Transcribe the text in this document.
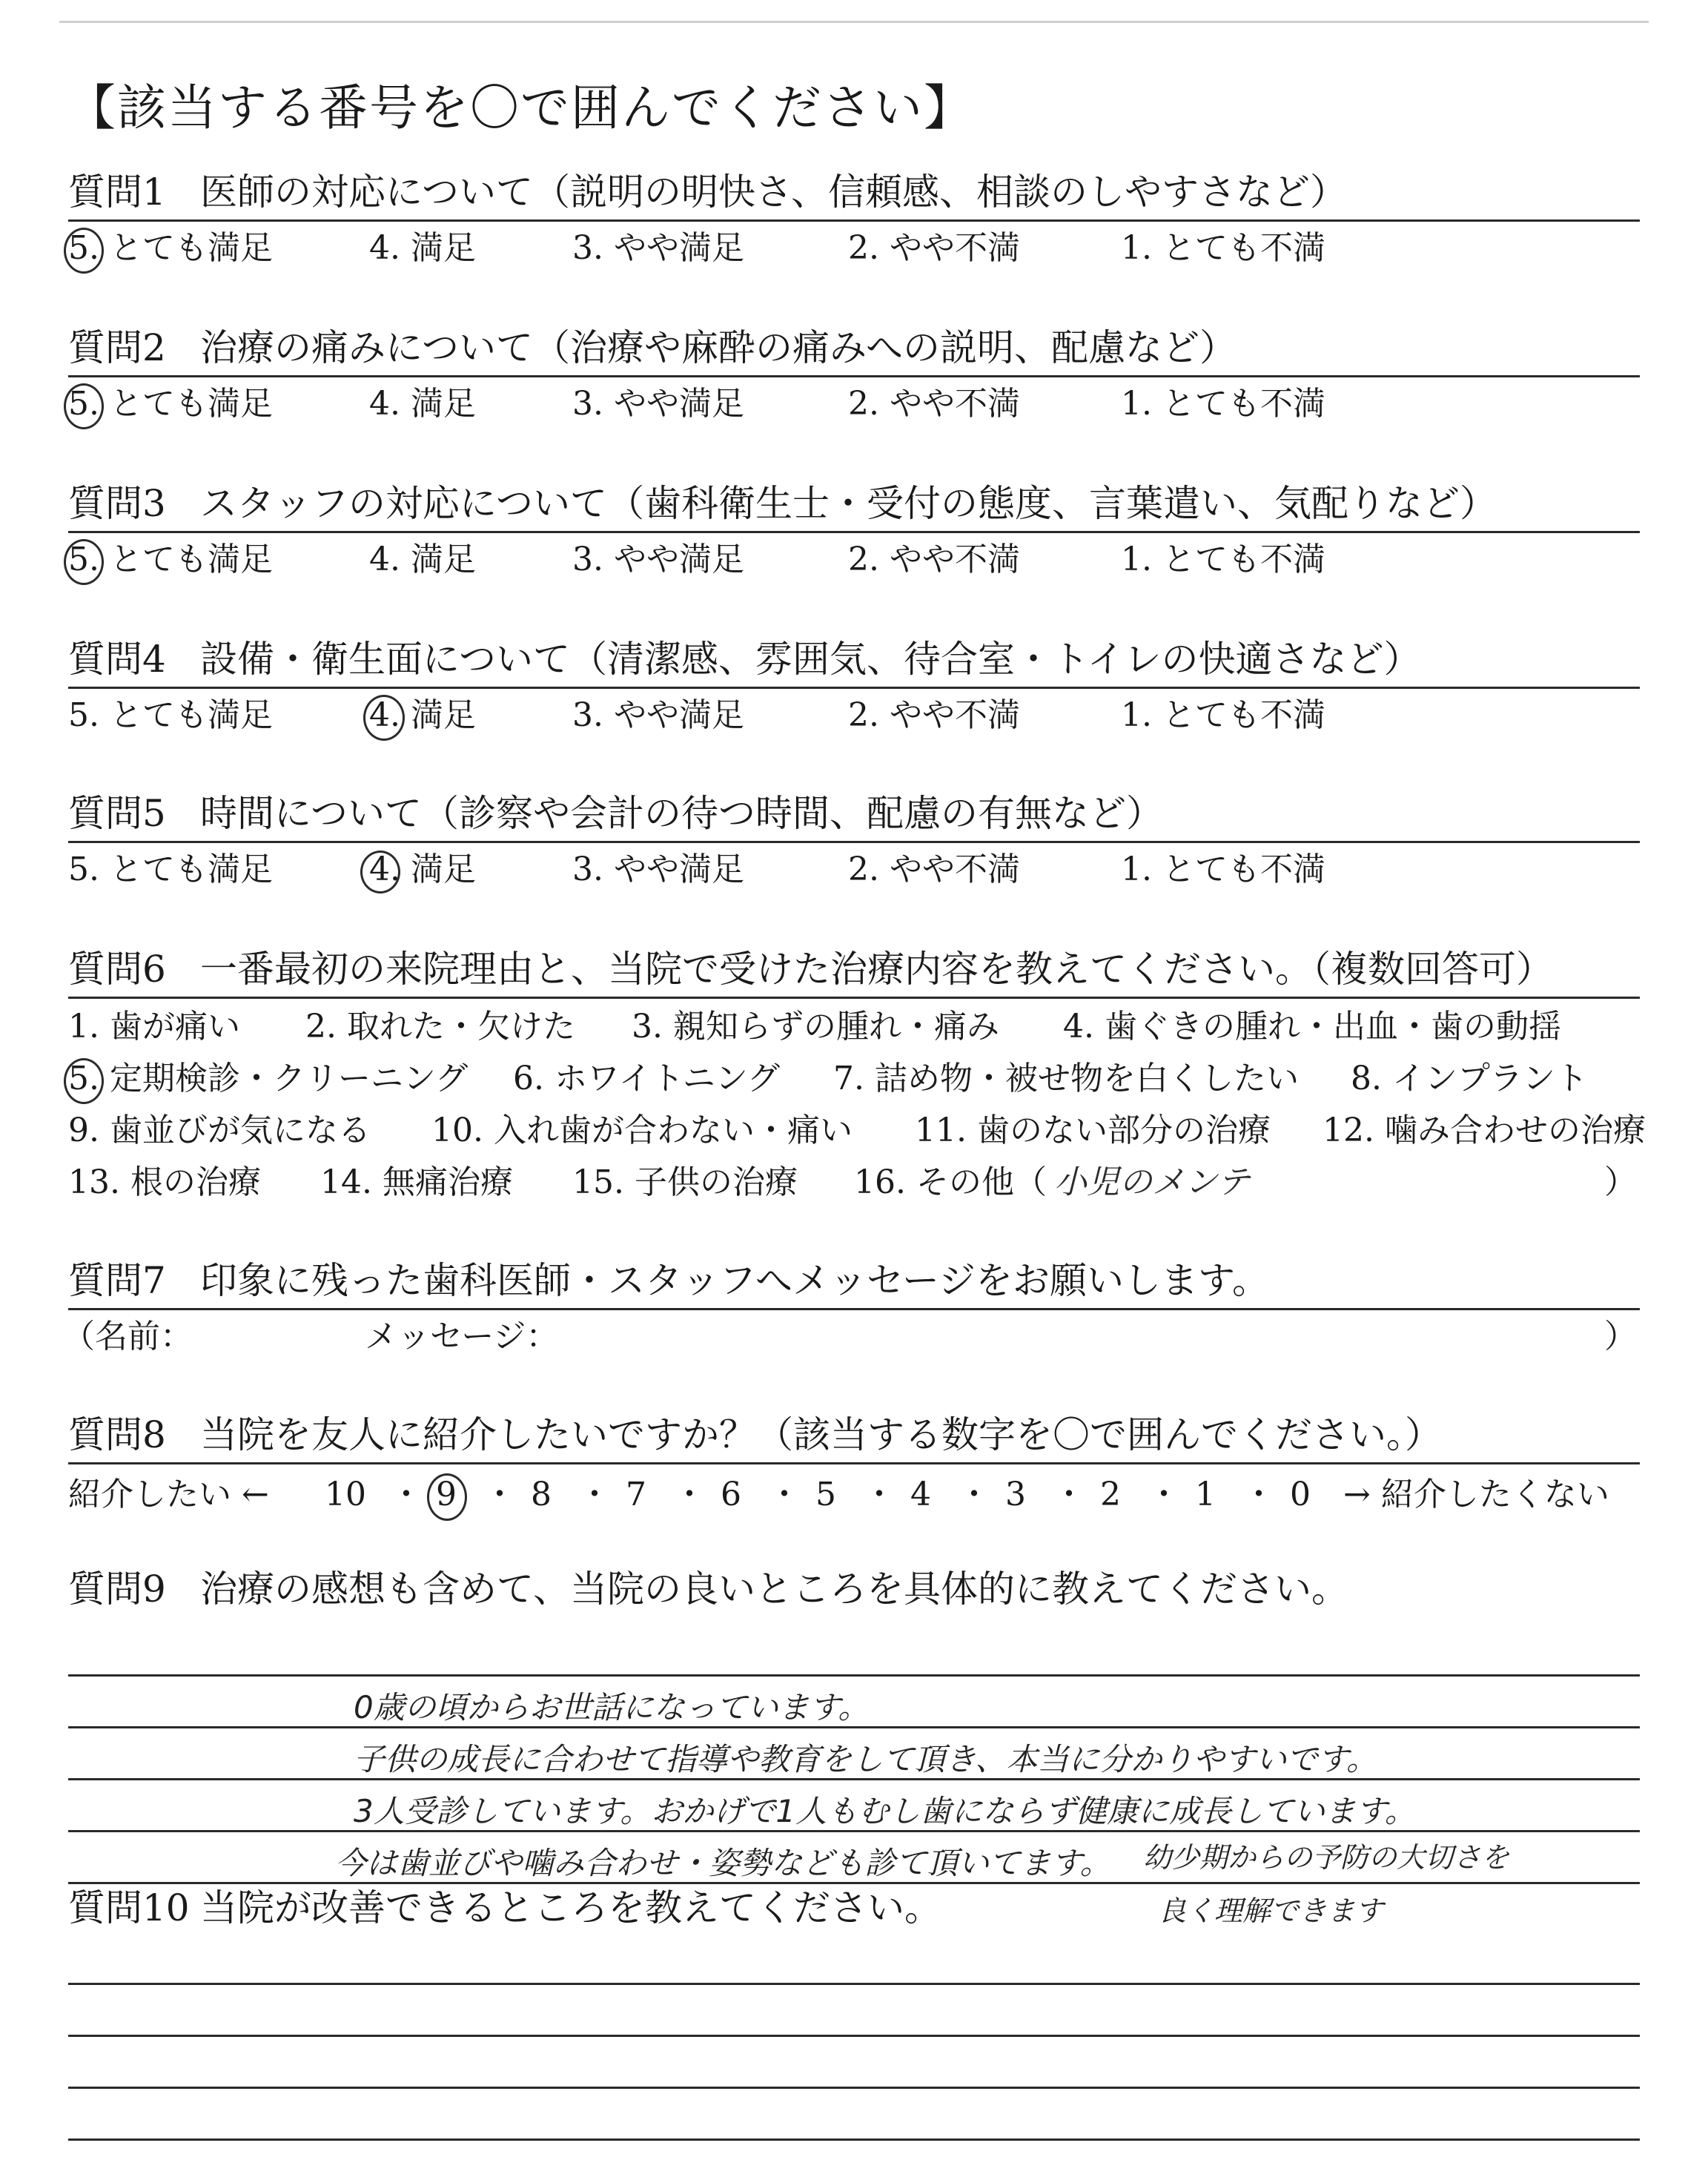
【該当する番号を〇で囲んでください】
質問1 医師の対応について（説明の明快さ、信頼感、相談のしやすさなど）
5. とても満足	4. 満足	3. やや満足	2. やや不満	1. とても不満
質問2 治療の痛みについて（治療や麻酔の痛みへの説明、配慮など）
5. とても満足	4. 満足	3. やや満足	2. やや不満	1. とても不満
質問3 スタッフの対応について（歯科衛生士・受付の態度、言葉遣い、気配りなど）
5. とても満足	4. 満足	3. やや満足	2. やや不満	1. とても不満
質問4 設備・衛生面について（清潔感、雰囲気、待合室・トイレの快適さなど）
5. とても満足	4. 満足	3. やや満足	2. やや不満	1. とても不満
質問5 時間について（診察や会計の待つ時間、配慮の有無など）
5. とても満足	4. 満足	3. やや満足	2. やや不満	1. とても不満
質問6 一番最初の来院理由と、当院で受けた治療内容を教えてください。（複数回答可）
1. 歯が痛い 2. 取れた・欠けた 3. 親知らずの腫れ・痛み 4. 歯ぐきの腫れ・出血・歯の動揺
5. 定期検診・クリーニング 6. ホワイトニング 7. 詰め物・被せ物を白くしたい 8. インプラント
9. 歯並びが気になる 10. 入れ歯が合わない・痛い 11. 歯のない部分の治療 12. 噛み合わせの治療
13. 根の治療 14. 無痛治療 15. 子供の治療 16. その他（ 小児のメンテ	）
質問7 印象に残った歯科医師・スタッフへメッセージをお願いします。
（名前：	メッセージ：	）
質問8 当院を友人に紹介したいですか？（該当する数字を〇で囲んでください。）
紹介したい ← 10 ・ 9 ・ 8 ・ 7 ・ 6 ・ 5 ・ 4 ・ 3 ・ 2 ・ 1 ・ 0 → 紹介したくない
質問9 治療の感想も含めて、当院の良いところを具体的に教えてください。
0歳の頃からお世話になっています。
子供の成長に合わせて指導や教育をして頂き、本当に分かりやすいです。
3人受診しています。おかげで1人もむし歯にならず健康に成長しています。
今は歯並びや噛み合わせ・姿勢なども診て頂いてます。 幼少期からの予防の大切さを
良く理解できます
質問10 当院が改善できるところを教えてください。
